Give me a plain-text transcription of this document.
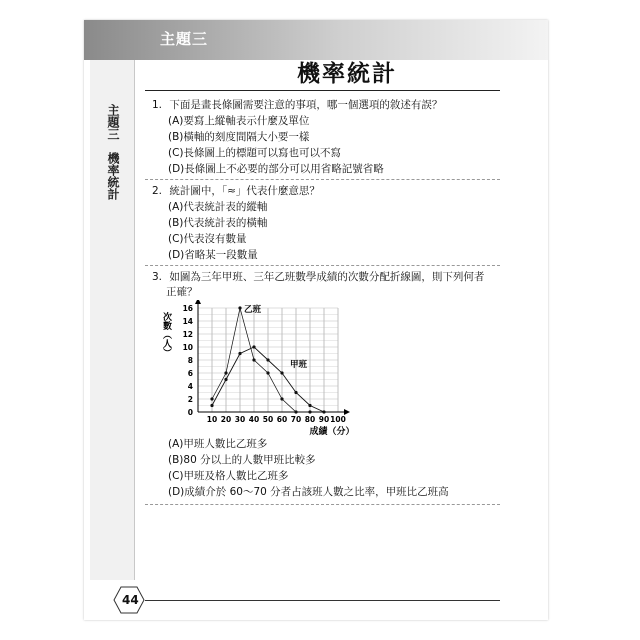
主題三
主題三　機率統計
機率統計
1. 下面是畫長條圖需要注意的事項，哪一個選項的敘述有誤？
(A)要寫上縱軸表示什麼及單位
(B)橫軸的刻度間隔大小要一樣
(C)長條圖上的標題可以寫也可以不寫
(D)長條圖上不必要的部分可以用省略記號省略
2. 統計圖中，「≈」代表什麼意思？
(A)代表統計表的縱軸
(B)代表統計表的橫軸
(C)代表沒有數量
(D)省略某一段數量
3. 如圖為三年甲班、三年乙班數學成績的次數分配折線圖，則下列何者
正確？
0
2
4
6
8
10
12
14
16
10 20 30 40 50 60 70 80 90 100
次數（人）
成績（分）
甲班
乙班
(A)甲班人數比乙班多
(B)80 分以上的人數甲班比較多
(C)甲班及格人數比乙班多
(D)成績介於 60～70 分者占該班人數之比率，甲班比乙班高
44
